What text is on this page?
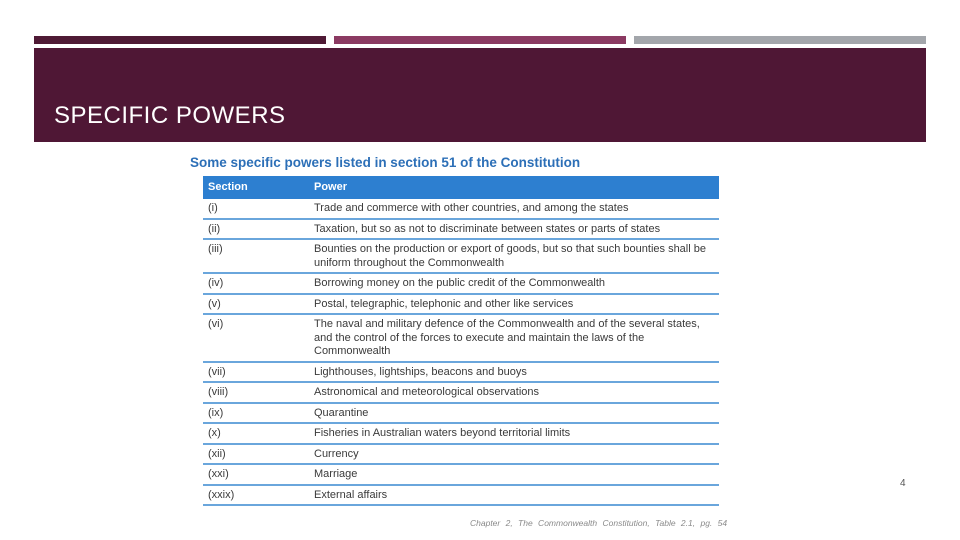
SPECIFIC POWERS
Some specific powers listed in section 51 of the Constitution
Section	Power
(i)	Trade and commerce with other countries, and among the states
(ii)	Taxation, but so as not to discriminate between states or parts of states
(iii)	Bounties on the production or export of goods, but so that such bounties shall be uniform throughout the Commonwealth
(iv)	Borrowing money on the public credit of the Commonwealth
(v)	Postal, telegraphic, telephonic and other like services
(vi)	The naval and military defence of the Commonwealth and of the several states, and the control of the forces to execute and maintain the laws of the Commonwealth
(vii)	Lighthouses, lightships, beacons and buoys
(viii)	Astronomical and meteorological observations
(ix)	Quarantine
(x)	Fisheries in Australian waters beyond territorial limits
(xii)	Currency
(xxi)	Marriage
(xxix)	External affairs
Chapter 2, The Commonwealth Constitution, Table 2.1, pg. 54
4
